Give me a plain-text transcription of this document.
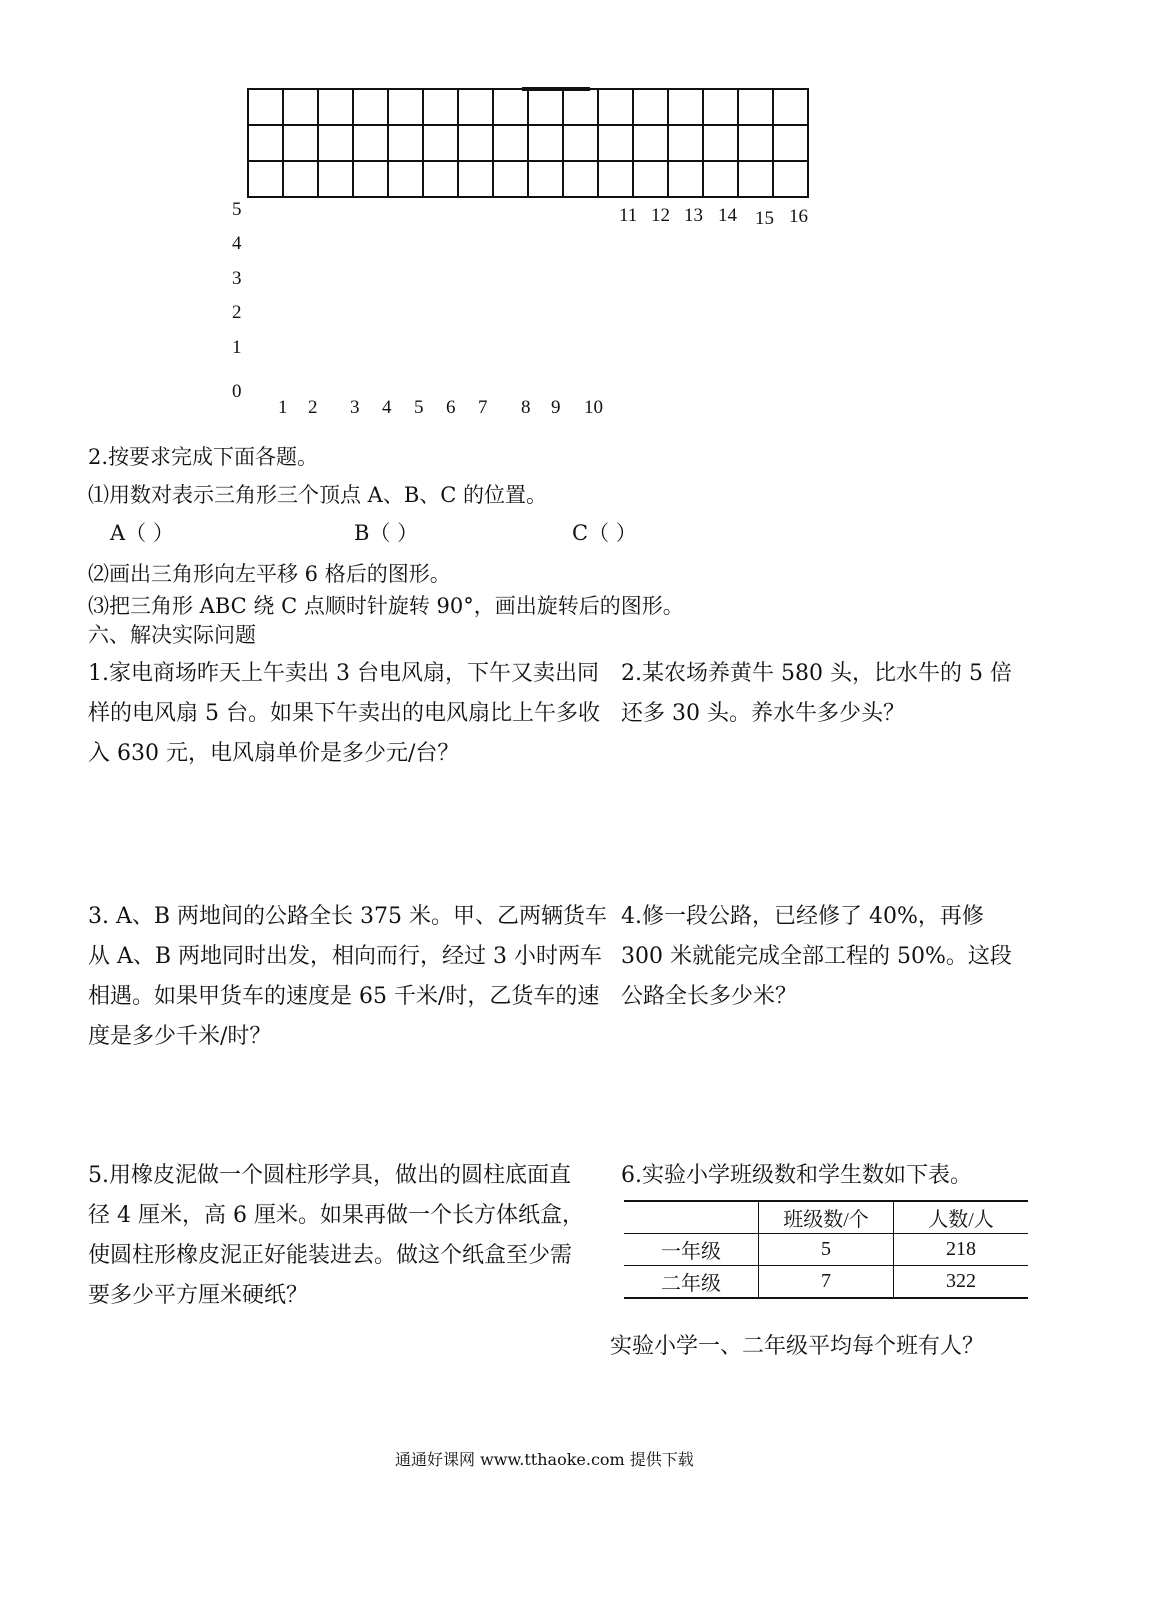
5
4
3
2
1
0
1 2 3 4 5 6 7 8 9 10
11 12 13 14 15 16
2.按要求完成下面各题。
⑴用数对表示三角形三个顶点 A、B、C 的位置。
A（ ）	B（ ）	C（ ）
⑵画出三角形向左平移 6 格后的图形。
⑶把三角形 ABC 绕 C 点顺时针旋转 90°，画出旋转后的图形。
六、解决实际问题
1.家电商场昨天上午卖出 3 台电风扇，下午又卖出同样的电风扇 5 台。如果下午卖出的电风扇比上午多收入 630 元，电风扇单价是多少元/台？
2.某农场养黄牛 580 头，比水牛的 5 倍还多 30 头。养水牛多少头？
3. A、B 两地间的公路全长 375 米。甲、乙两辆货车从 A、B 两地同时出发，相向而行，经过 3 小时两车相遇。如果甲货车的速度是 65 千米/时，乙货车的速度是多少千米/时？
4.修一段公路，已经修了 40%，再修 300 米就能完成全部工程的 50%。这段公路全长多少米？
5.用橡皮泥做一个圆柱形学具，做出的圆柱底面直径 4 厘米，高 6 厘米。如果再做一个长方体纸盒，使圆柱形橡皮泥正好能装进去。做这个纸盒至少需要多少平方厘米硬纸？
6.实验小学班级数和学生数如下表。
	班级数/个	人数/人
一年级	5	218
二年级	7	322
实验小学一、二年级平均每个班有人？
通通好课网 www.tthaoke.com 提供下载
